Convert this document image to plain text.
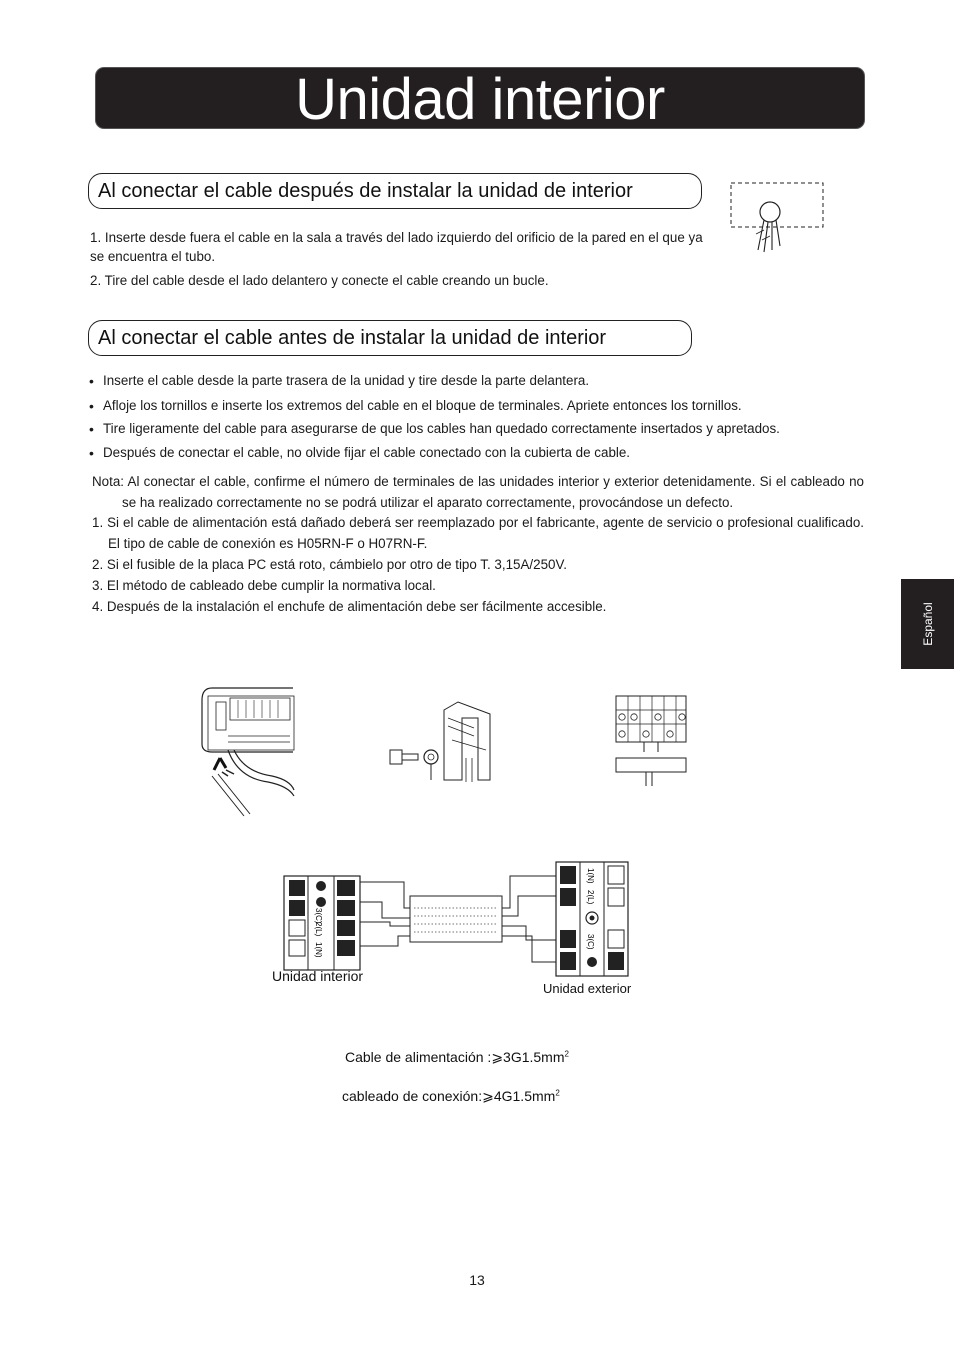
Unidad interior
Al conectar el cable después de instalar la unidad de interior
1. Inserte desde fuera el cable en la sala a través del lado izquierdo del orificio de la pared en el que ya se encuentra el tubo.
2. Tire del cable desde el lado delantero y conecte el cable creando un bucle.
Al conectar el cable antes de instalar la unidad de interior
• Inserte el cable desde la parte trasera de la unidad y tire desde la parte delantera.
• Afloje los tornillos e inserte los extremos del cable en el bloque de terminales. Apriete entonces los tornillos.
• Tire ligeramente del cable para asegurarse de que los cables han quedado correctamente insertados y apretados.
• Después de conectar el cable, no olvide fijar el cable conectado con la cubierta de cable.
Nota: Al conectar el cable, confirme el número de terminales de las unidades interior y exterior detenidamente. Si el cableado no se ha realizado correctamente no se podrá utilizar el aparato correctamente, provocándose un defecto.
1. Si el cable de alimentación está dañado deberá ser reemplazado por el fabricante, agente de servicio o profesional cualificado. El tipo de cable de conexión es H05RN-F o H07RN-F.
2. Si el fusible de la placa PC está roto, cámbielo por otro de tipo T. 3,15A/250V.
3. El método de cableado debe cumplir la normativa local.
4. Después de la instalación el enchufe de alimentación debe ser fácilmente accesible.	Español
1(N)
2(L)
3(C)
1(N)
2(L)
3(C)
Unidad interior
Unidad exterior
Cable de alimentación $:⩾3G1.5mm^2$
cableado de $conexión:⩾4G1.5mm^2$
13
